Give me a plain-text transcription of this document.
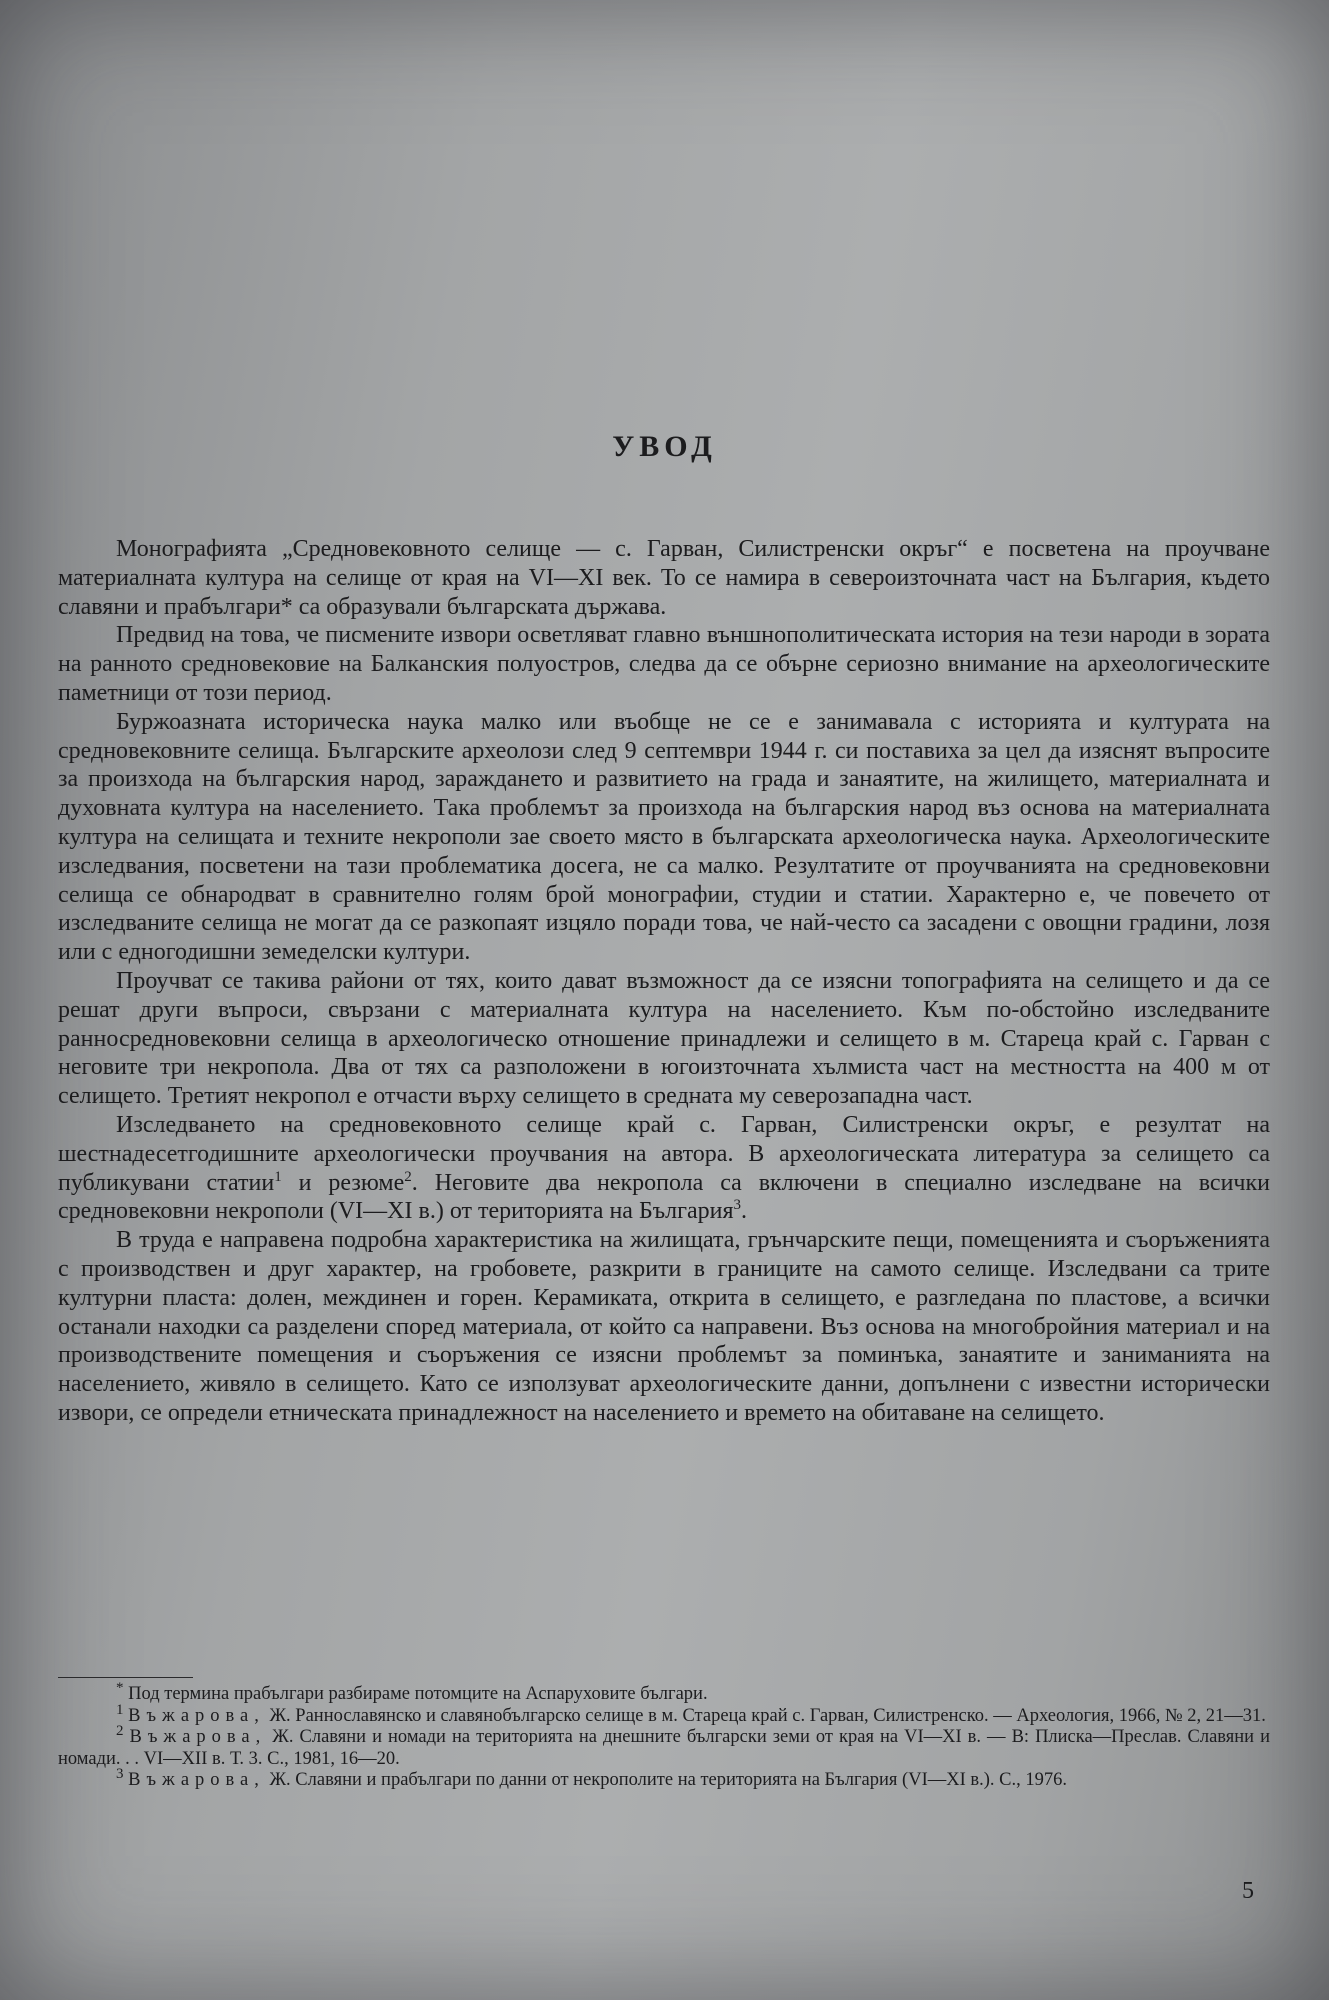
УВОД

Монографията „Средновековното селище — с. Гарван, Силистренски окръг“ е посветена на проучване материалната култура на селище от края на VI—XI век. То се намира в североизточната част на България, където славяни и прабългари* са образували българската държава.

Предвид на това, че писмените извори осветляват главно външнополитическата история на тези народи в зората на ранното средновековие на Балканския полуостров, следва да се обърне сериозно внимание на археологическите паметници от този период.

Буржоазната историческа наука малко или въобще не се е занимавала с историята и културата на средновековните селища. Българските археолози след 9 септември 1944 г. си поставиха за цел да изяснят въпросите за произхода на българския народ, зараждането и развитието на града и занаятите, на жилището, материалната и духовната култура на населението. Така проблемът за произхода на българския народ въз основа на материалната култура на селищата и техните некрополи зае своето място в българската археологическа наука. Археологическите изследвания, посветени на тази проблематика досега, не са малко. Резултатите от проучванията на средновековни селища се обнародват в сравнително голям брой монографии, студии и статии. Характерно е, че повечето от изследваните селища не могат да се разкопаят изцяло поради това, че най-често са засадени с овощни градини, лозя или с едногодишни земеделски култури.

Проучват се такива райони от тях, които дават възможност да се изясни топографията на селището и да се решат други въпроси, свързани с материалната култура на населението. Към по-обстойно изследваните ранносредновековни селища в археологическо отношение принадлежи и селището в м. Стареца край с. Гарван с неговите три некропола. Два от тях са разположени в югоизточната хълмиста част на местността на 400 м от селището. Третият некропол е отчасти върху селището в средната му северозападна част.

Изследването на средновековното селище край с. Гарван, Силистренски окръг, е резултат на шестнадесетгодишните археологически проучвания на автора. В археологическата литература за селището са публикувани статии$^1$ и резюме$^2$. Неговите два некропола са включени в специално изследване на всички средновековни некрополи (VI—XI в.) от територията на България$^3$.

В труда е направена подробна характеристика на жилищата, грънчарските пещи, помещенията и съоръженията с производствен и друг характер, на гробовете, разкрити в границите на самото селище. Изследвани са трите културни пласта: долен, междинен и горен. Керамиката, открита в селището, е разгледана по пластове, а всички останали находки са разделени според материала, от който са направени. Въз основа на многобройния материал и на производствените помещения и съоръжения се изясни проблемът за поминъка, занаятите и заниманията на населението, живяло в селището. Като се използуват археологическите данни, допълнени с известни исторически извори, се определи етническата принадлежност на населението и времето на обитаване на селището.

* Под термина прабългари разбираме потомците на Аспаруховите българи.

$^1$ Въжарова, Ж. Раннославянско и славянобългарско селище в м. Стареца край с. Гарван, Силистренско. — Археология, 1966, № 2, 21—31.

$^2$ Въжарова, Ж. Славяни и номади на територията на днешните български земи от края на VI—XI в. — В: Плиска—Преслав. Славяни и номади. . . VI—XII в. Т. 3. С., 1981, 16—20.

$^3$ Въжарова, Ж. Славяни и прабългари по данни от некрополите на територията на България (VI—XI в.). С., 1976.

5
